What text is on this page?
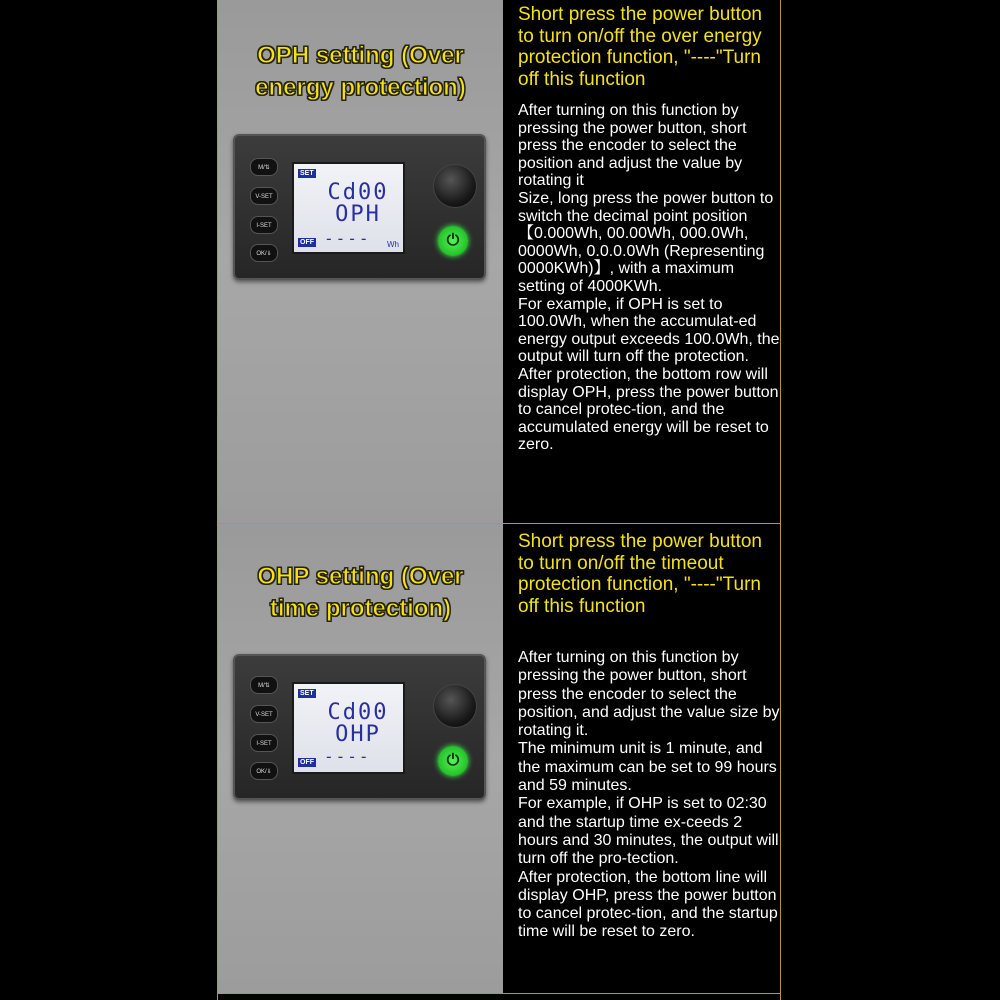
OPH setting (Over
energy protection)
M/⇅
V-SET
I-SET
OK/⇓
SET
Cd00
OPH
OFF ---- Wh	⏻
Short press the power button to turn on/off the over energy protection function, "----"Turn off this function

After turning on this function by pressing the power button, short press the encoder to select the position and adjust the value by rotating it

Size, long press the power button to switch the decimal point position 【0.000Wh, 00.00Wh, 000.0Wh, 0000Wh, 0.0.0.0Wh (Representing 0000KWh)】, with a maximum setting of 4000KWh.

For example, if OPH is set to 100.0Wh, when the accumulat-ed energy output exceeds 100.0Wh, the output will turn off the protection.

After protection, the bottom row will display OPH, press the power button to cancel protec-tion, and the accumulated energy will be reset to zero.

OHP setting (Over
time protection)
M/⇅
V-SET
I-SET
OK/⇓
SET
Cd00
OHP
OFF ----	⏻
Short press the power button to turn on/off the timeout protection function, "----"Turn off this function

After turning on this function by pressing the power button, short press the encoder to select the position, and adjust the value size by rotating it.

The minimum unit is 1 minute, and the maximum can be set to 99 hours and 59 minutes.

For example, if OHP is set to 02:30 and the startup time ex-ceeds 2 hours and 30 minutes, the output will turn off the pro-tection.

After protection, the bottom line will display OHP, press the power button to cancel protec-tion, and the startup time will be reset to zero.
